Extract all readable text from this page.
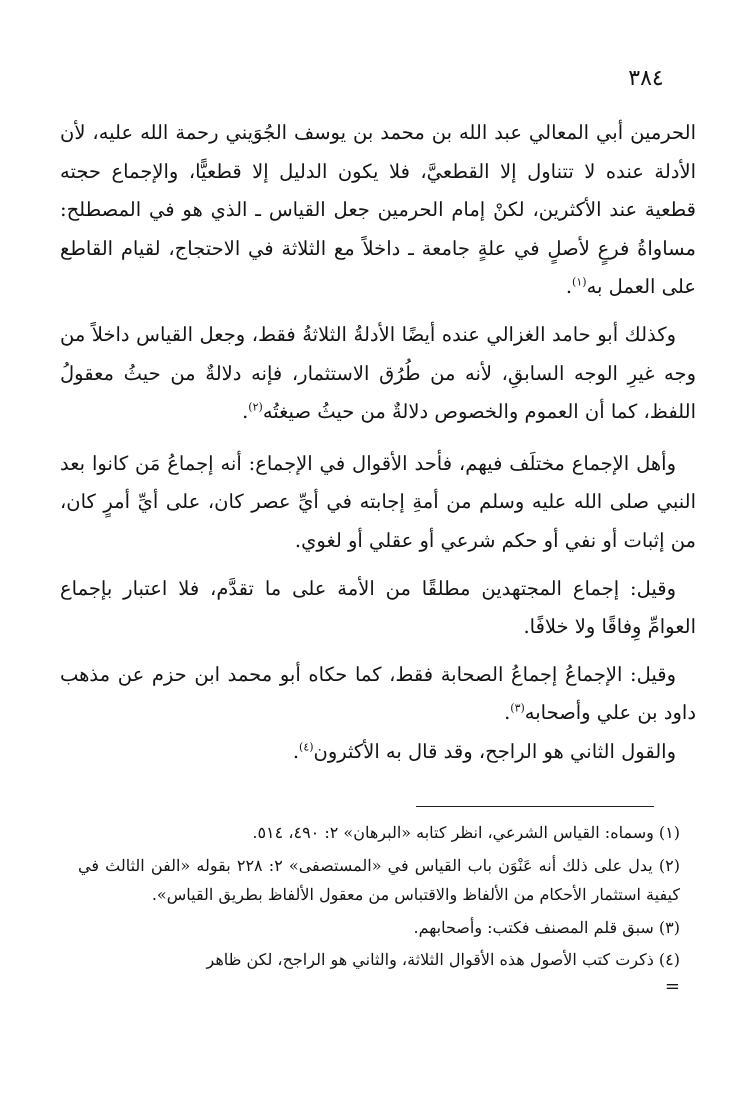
٣٨٤

الحرمين أبي المعالي عبد الله بن محمد بن يوسف الجُوَيني رحمة الله عليه، لأن الأدلة عنده لا تتناول إلا القطعيَّ، فلا يكون الدليل إلا قطعيًّا، والإجماع حجته قطعية عند الأكثرين، لكنْ إمام الحرمين جعل القياس ـ الذي هو في المصطلح: مساواةُ فرعٍ لأصلٍ في علةٍ جامعة ـ داخلاً مع الثلاثة في الاحتجاج، لقيام القاطع على العمل به$^{(١)}$.

وكذلك أبو حامد الغزالي عنده أيضًا الأدلةُ الثلاثةُ فقط، وجعل القياس داخلاً من وجه غيرِ الوجه السابقِ، لأنه من طُرُق الاستثمار، فإنه دلالةٌ من حيثُ معقولُ اللفظ، كما أن العموم والخصوص دلالةٌ من حيثُ صيغتُه$^{(٢)}$.

وأهل الإجماع مختلَف فيهم، فأحد الأقوال في الإجماع: أنه إجماعُ مَن كانوا بعد النبي صلى الله عليه وسلم من أمةِ إجابته في أيِّ عصر كان، على أيِّ أمرٍ كان، من إثبات أو نفي أو حكم شرعي أو عقلي أو لغوي.

وقيل: إجماع المجتهدين مطلقًا من الأمة على ما تقدَّم، فلا اعتبار بإجماع العوامِّ وِفاقًا ولا خلافًا.

وقيل: الإجماعُ إجماعُ الصحابة فقط، كما حكاه أبو محمد ابن حزم عن مذهب داود بن علي وأصحابه$^{(٣)}$.

والقول الثاني هو الراجح، وقد قال به الأكثرون$^{(٤)}$.

(١) وسماه: القياس الشرعي، انظر كتابه «البرهان» ٢: ٤٩٠، ٥١٤.

(٢) يدل على ذلك أنه عَنْوَن باب القياس في «المستصفى» ٢: ٢٢٨ بقوله «الفن الثالث في كيفية استثمار الأحكام من الألفاظ والاقتباس من معقول الألفاظ بطريق القياس».

(٣) سبق قلم المصنف فكتب: وأصحابهم.

(٤) ذكرت كتب الأصول هذه الأقوال الثلاثة، والثاني هو الراجح، لكن ظاهر

=
